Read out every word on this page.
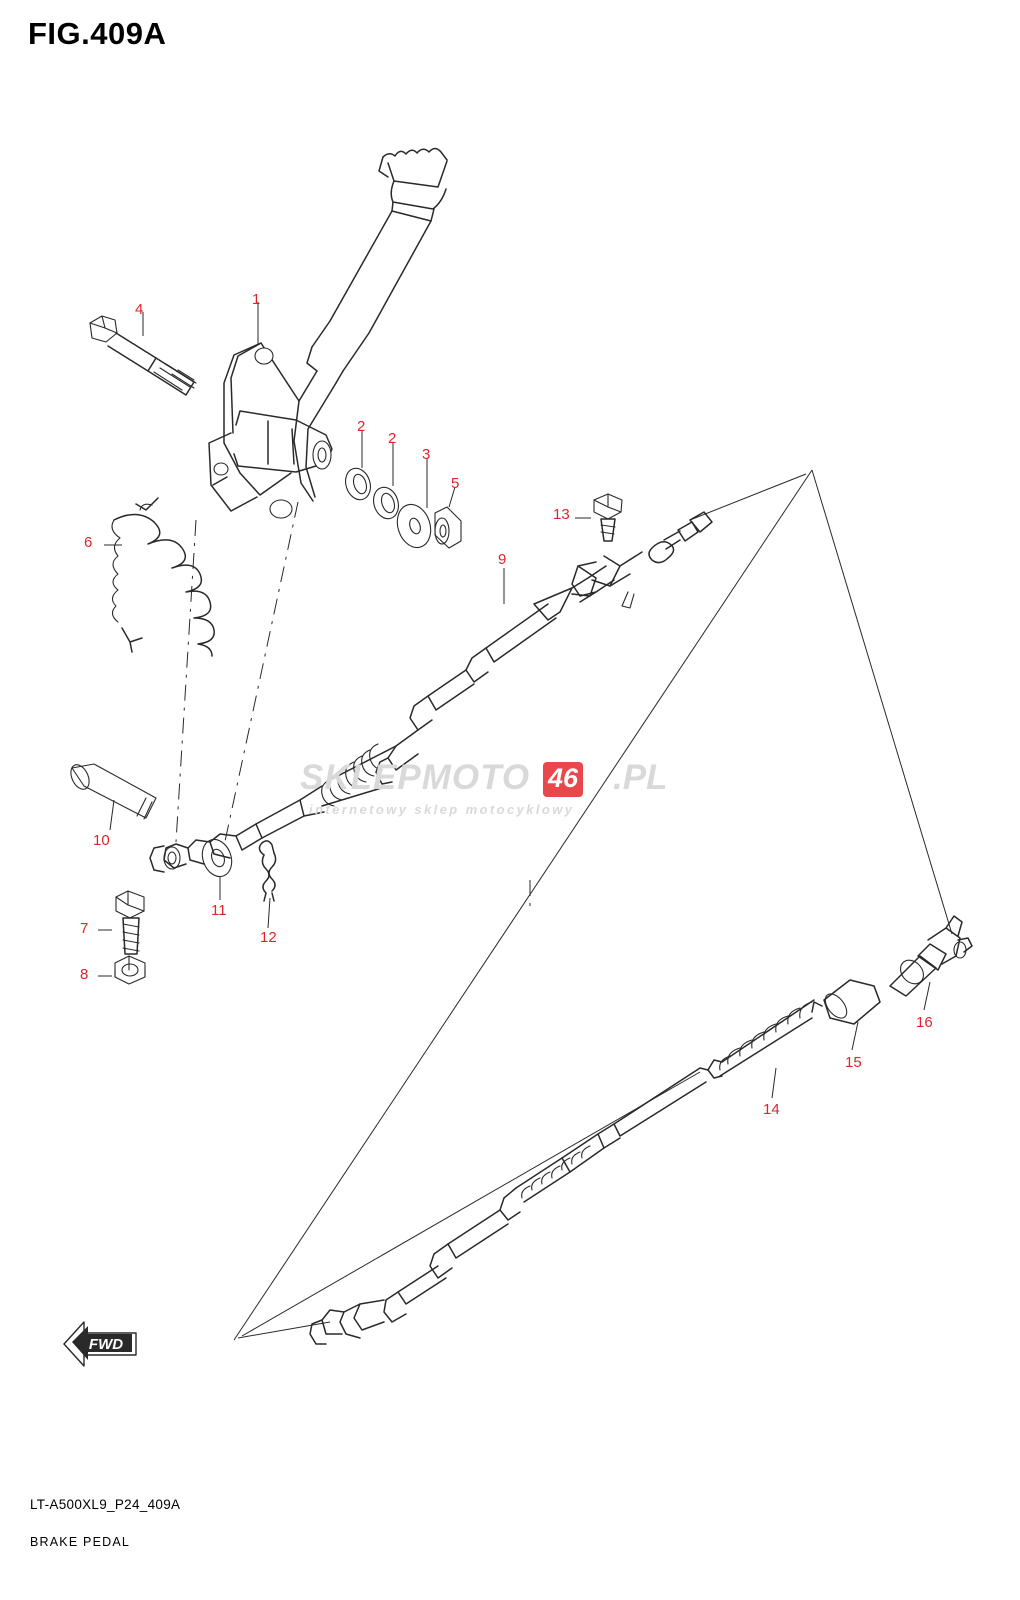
FIG.409A
1
2
2
3
4
5
6
7
8
9
10
11
12
13
14
15
16
FWD
SKLEPMOTO 46 .PL
internetowy sklep motocyklowy
LT-A500XL9_P24_409A
BRAKE PEDAL
